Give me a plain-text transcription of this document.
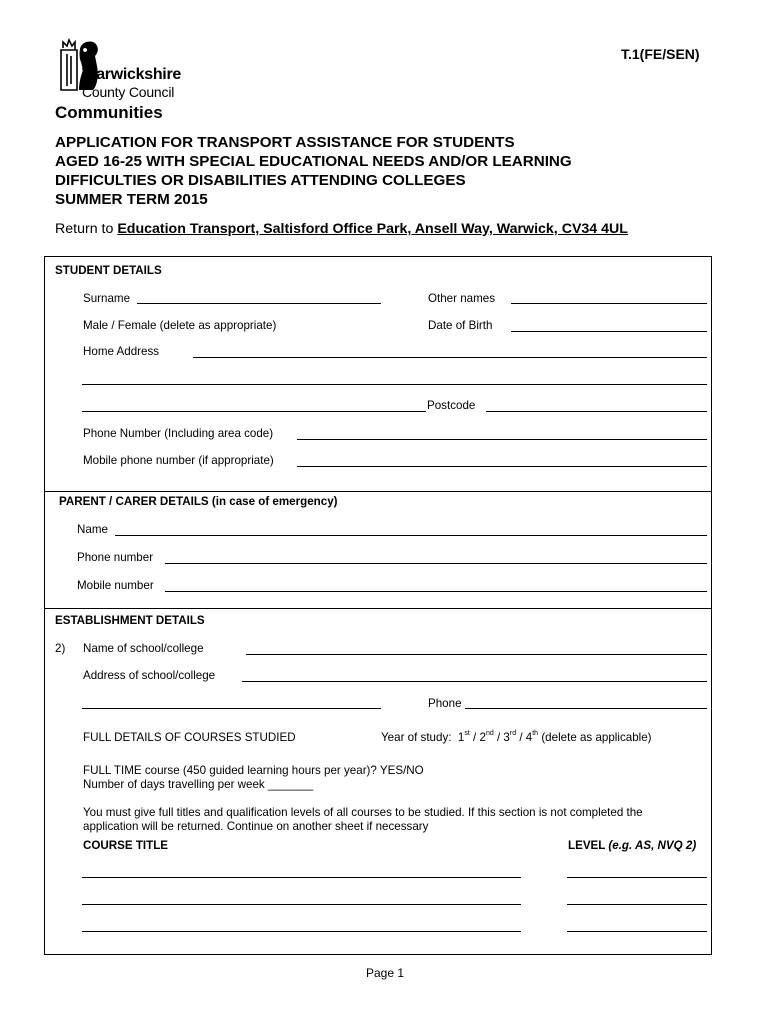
T.1(FE/SEN)
Warwickshire
County Council
Communities
APPLICATION FOR TRANSPORT ASSISTANCE FOR STUDENTS
AGED 16-25 WITH SPECIAL EDUCATIONAL NEEDS AND/OR LEARNING
DIFFICULTIES OR DISABILITIES ATTENDING COLLEGES
SUMMER TERM 2015
Return to Education Transport, Saltisford Office Park, Ansell Way, Warwick, CV34 4UL
STUDENT DETAILS
Surname	Other names
Male / Female (delete as appropriate)	Date of Birth
Home Address
Postcode
Phone Number (Including area code)
Mobile phone number (if appropriate)
PARENT / CARER DETAILS (in case of emergency)
Name
Phone number
Mobile number
ESTABLISHMENT DETAILS
2) Name of school/college
Address of school/college
Phone
FULL DETAILS OF COURSES STUDIED	Year of study: 1st / 2nd / 3rd / 4th (delete as applicable)
FULL TIME course (450 guided learning hours per year)? YES/NO
Number of days travelling per week _______
You must give full titles and qualification levels of all courses to be studied. If this section is not completed the
application will be returned. Continue on another sheet if necessary
COURSE TITLE	LEVEL (e.g. AS, NVQ 2)
Page 1
